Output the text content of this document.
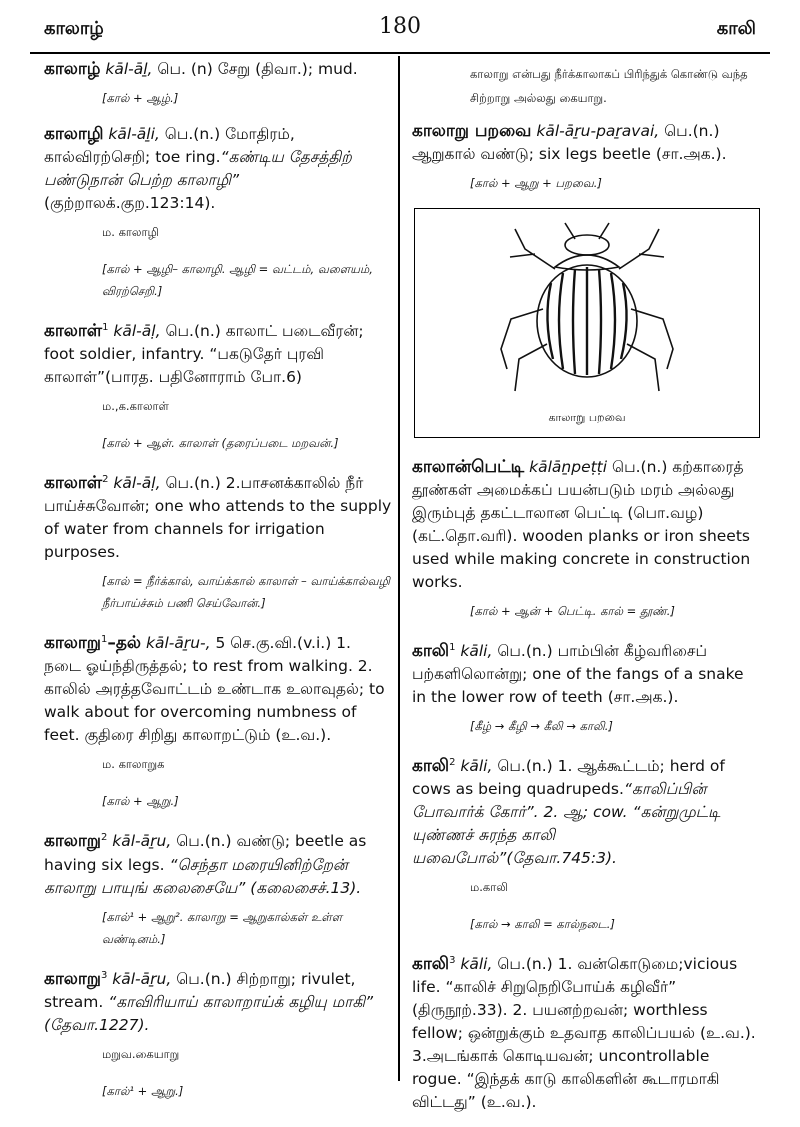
காலாழ்	180	காலி

காலாழ் kāl-āḻ, பெ. (n) சேறு (திவா.); mud.

[கால் + ஆழ்.]

காலாழி kāl-āḻi, பெ.(n.) மோதிரம், கால்விரற்செறி; toe ring.“கண்டிய தேசத்திற் பண்டுநான் பெற்ற காலாழி” (குற்றாலக்.குற.123:14).

ம. காலாழி

[கால் + ஆழி– காலாழி. ஆழி = வட்டம், வளையம், விரற்செறி.]

காலாள்$^1$ kāl-āḷ, பெ.(n.) காலாட் படைவீரன்; foot soldier, infantry. “பகடுதேர் புரவி காலாள்”(பாரத. பதினோராம் போ.6)

ம.,க.காலாள்

[கால் + ஆள். காலாள் (தரைப்படை மறவன்.]

காலாள்$^2$ kāl-āḷ, பெ.(n.) 2.பாசனக்காலில் நீர் பாய்ச்சுவோன்; one who attends to the supply of water from channels for irrigation purposes.

[கால் = நீர்க்கால், வாய்க்கால் காலாள் – வாய்க்கால்வழி நீர்பாய்ச்சும் பணி செய்வோன்.]

காலாறு$^1$–தல் kāl-āṟu-, 5 செ.கு.வி.(v.i.) 1. நடை ஓய்ந்திருத்தல்; to rest from walking. 2. காலில் அரத்தவோட்டம் உண்டாக உலாவுதல்; to walk about for overcoming numbness of feet. குதிரை சிறிது காலாறட்டும் (உ.வ.).

ம. காலாறுக

[கால் + ஆறு.]

காலாறு$^2$ kāl-āṟu, பெ.(n.) வண்டு; beetle as having six legs. “செந்தா மரையினிற்றேன் காலாறு பாயுங் கலைசையே” (கலைசைச்.13).

[கால்¹ + ஆறு². காலாறு = ஆறுகால்கள் உள்ள வண்டினம்.]

காலாறு$^3$ kāl-āṟu, பெ.(n.) சிற்றாறு; rivulet, stream. “காவிரியாய் காலாறாய்க் கழியு மாகி” (தேவா.1227).

மறுவ.கையாறு

[கால்¹ + ஆறு.]

காலாறு என்பது நீர்க்காலாகப் பிரிந்துக் கொண்டு வந்த சிற்றாறு அல்லது கையாறு.

காலாறு பறவை kāl-āṟu-paṟavai, பெ.(n.) ஆறுகால் வண்டு; six legs beetle (சா.அக.).

[கால் + ஆறு + பறவை.]

காலாறு பறவை

காலான்பெட்டி kālāṉpeṭṭi பெ.(n.) கற்காரைத் தூண்கள் அமைக்கப் பயன்படும் மரம் அல்லது இரும்புத் தகட்டாலான பெட்டி (பொ.வழ) (கட்.தொ.வரி). wooden planks or iron sheets used while making concrete in construction works.

[கால் + ஆன் + பெட்டி. கால் = தூண்.]

காலி$^1$ kāli, பெ.(n.) பாம்பின் கீழ்வரிசைப் பற்களிலொன்று; one of the fangs of a snake in the lower row of teeth (சா.அக.).

[கீழ் → கீழி → கீலி → காலி.]

காலி$^2$ kāli, பெ.(n.) 1. ஆக்கூட்டம்; herd of cows as being quadrupeds.“காலிப்பின் போவார்க் கோர்”. 2. ஆ; cow. “கன்றுமுட்டி யுண்ணச் சுரந்த காலி யவைபோல்”(தேவா.745:3).

ம.காலி

[கால் → காலி = கால்நடை.]

காலி$^3$ kāli, பெ.(n.) 1. வன்கொடுமை;vicious life. “காலிச் சிறுநெறிபோய்க் கழிவீர்” (திருநூற்.33). 2. பயனற்றவன்; worthless fellow; ஒன்றுக்கும் உதவாத காலிப்பயல் (உ.வ.). 3.அடங்காக் கொடியவன்; uncontrollable rogue. “இந்தக் காடு காலிகளின் கூடாரமாகி விட்டது” (உ.வ.).
